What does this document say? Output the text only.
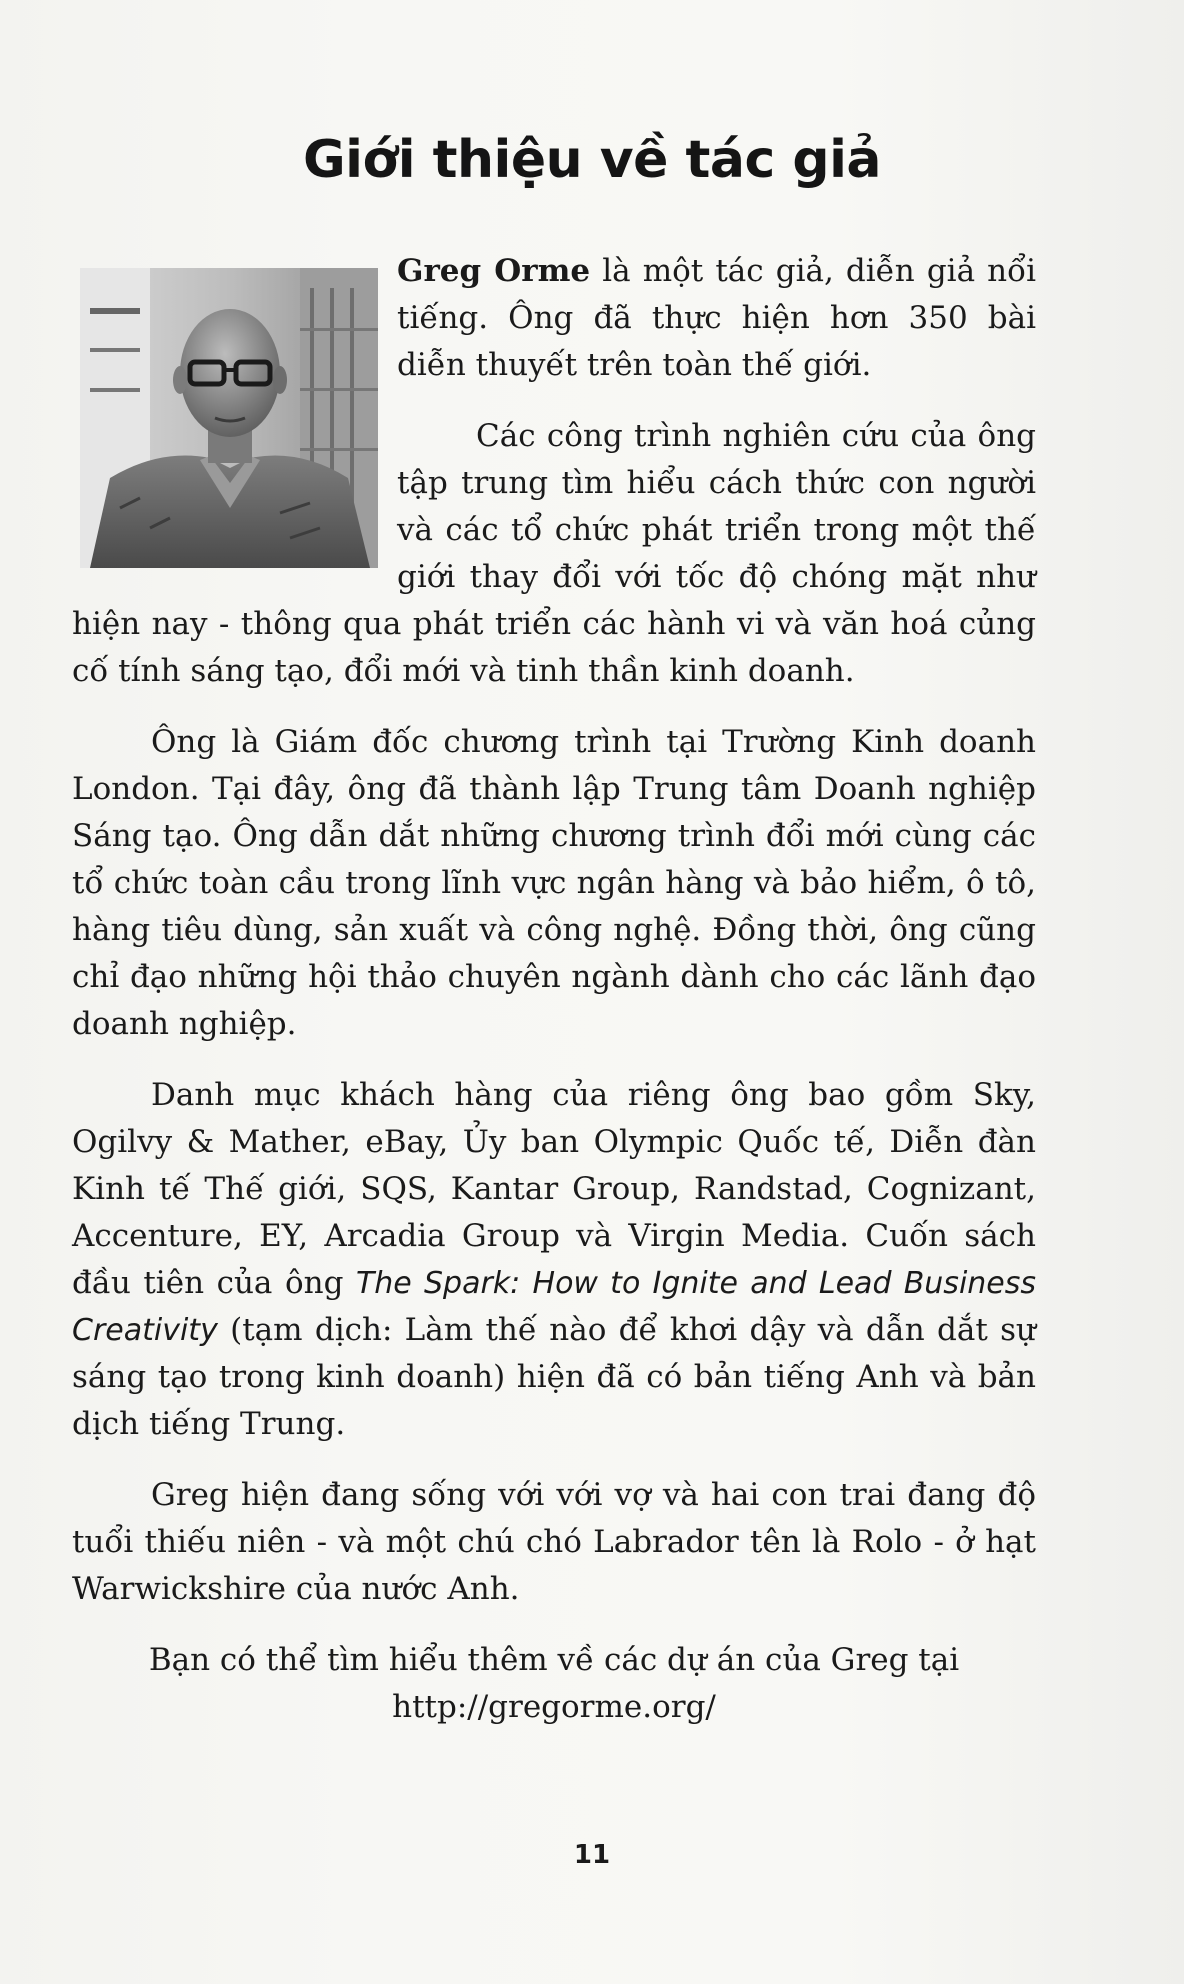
Giới thiệu về tác giả

Greg Orme là một tác giả, diễn giả nổi tiếng. Ông đã thực hiện hơn 350 bài diễn thuyết trên toàn thế giới.

Các công trình nghiên cứu của ông tập trung tìm hiểu cách thức con người và các tổ chức phát triển trong một thế giới thay đổi với tốc độ chóng mặt như hiện nay - thông qua phát triển các hành vi và văn hoá củng cố tính sáng tạo, đổi mới và tinh thần kinh doanh.

Ông là Giám đốc chương trình tại Trường Kinh doanh London. Tại đây, ông đã thành lập Trung tâm Doanh nghiệp Sáng tạo. Ông dẫn dắt những chương trình đổi mới cùng các tổ chức toàn cầu trong lĩnh vực ngân hàng và bảo hiểm, ô tô, hàng tiêu dùng, sản xuất và công nghệ. Đồng thời, ông cũng chỉ đạo những hội thảo chuyên ngành dành cho các lãnh đạo doanh nghiệp.

Danh mục khách hàng của riêng ông bao gồm Sky, Ogilvy & Mather, eBay, Ủy ban Olympic Quốc tế, Diễn đàn Kinh tế Thế giới, SQS, Kantar Group, Randstad, Cognizant, Accenture, EY, Arcadia Group và Virgin Media. Cuốn sách đầu tiên của ông The Spark: How to Ignite and Lead Business Creativity (tạm dịch: Làm thế nào để khơi dậy và dẫn dắt sự sáng tạo trong kinh doanh) hiện đã có bản tiếng Anh và bản dịch tiếng Trung.

Greg hiện đang sống với với vợ và hai con trai đang độ tuổi thiếu niên - và một chú chó Labrador tên là Rolo - ở hạt Warwickshire của nước Anh.

Bạn có thể tìm hiểu thêm về các dự án của Greg tại

http://gregorme.org/

11
